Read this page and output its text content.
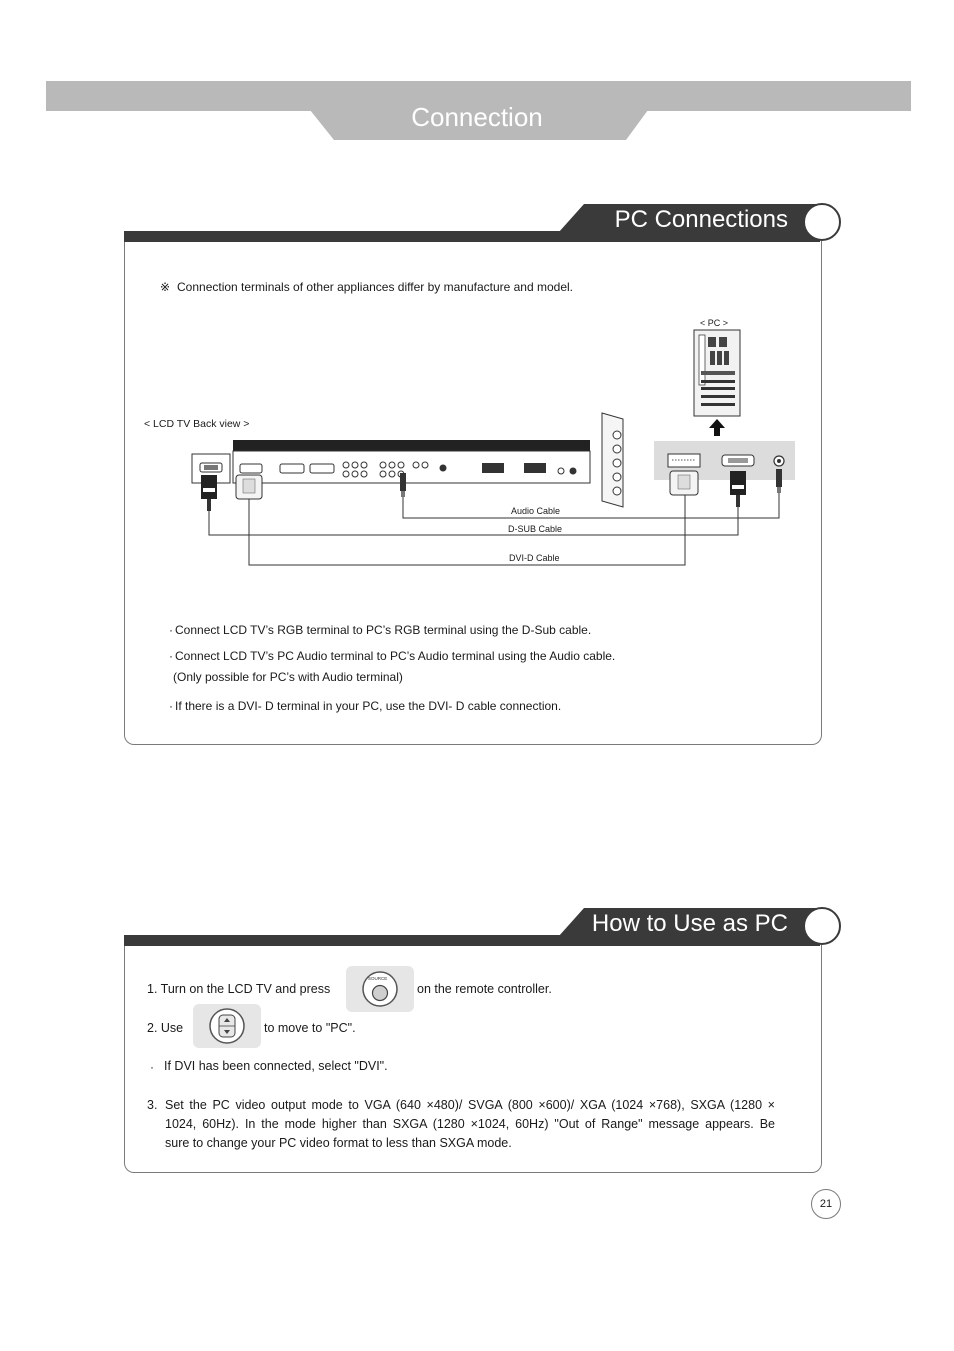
Connection
PC Connections
※ Connection terminals of other appliances differ by manufacture and model.
< PC >
< LCD TV Back view >
Audio Cable
D-SUB Cable
DVI-D Cable
· Connect LCD TV’s RGB terminal to PC’s RGB terminal using the D-Sub cable.
· Connect LCD TV’s PC Audio terminal to PC’s Audio terminal using the Audio cable.
(Only possible for PC’s with Audio terminal)
· If there is a DVI- D terminal in your PC, use the DVI- D cable connection.
How to Use as PC
1. Turn on the LCD TV and press
SOURCE
on the remote controller.
2. Use	to move to "PC".
· If DVI has been connected, select "DVI".
3. Set the PC video output mode to VGA (640 ×480)/ SVGA (800 ×600)/ XGA (1024 ×768), SXGA (1280 ×
1024, 60Hz). In the mode higher than SXGA (1280 ×1024, 60Hz) "Out of Range" message appears. Be
sure to change your PC video format to less than SXGA mode.
21
